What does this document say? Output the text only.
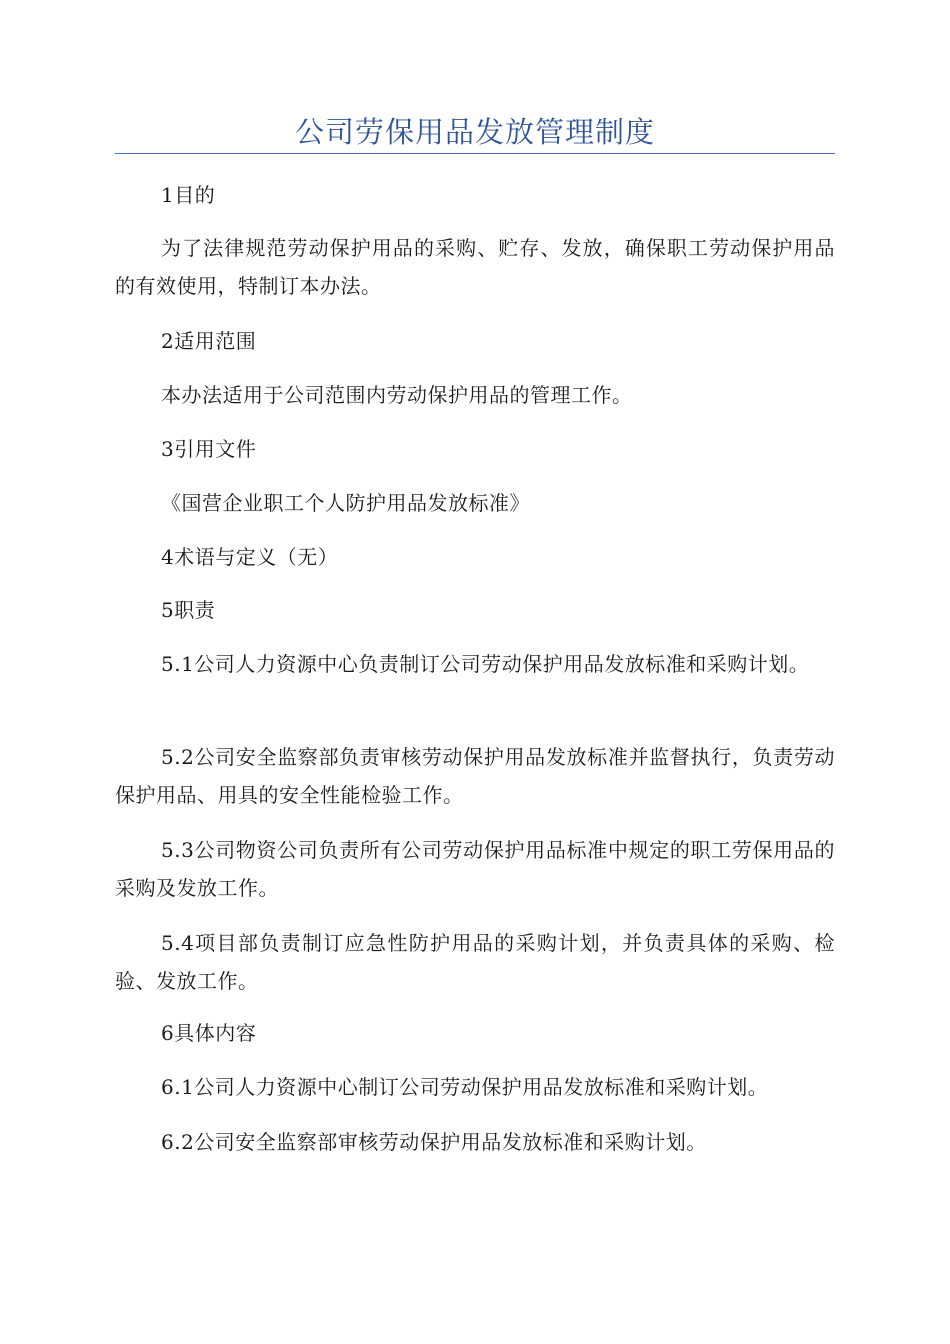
公司劳保用品发放管理制度

1目的

为了法律规范劳动保护用品的采购、贮存、发放，确保职工劳动保护用品的有效使用，特制订本办法。

2适用范围

本办法适用于公司范围内劳动保护用品的管理工作。

3引用文件

《国营企业职工个人防护用品发放标准》

4术语与定义（无）

5职责

5.1公司人力资源中心负责制订公司劳动保护用品发放标准和采购计划。

5.2公司安全监察部负责审核劳动保护用品发放标准并监督执行，负责劳动保护用品、用具的安全性能检验工作。

5.3公司物资公司负责所有公司劳动保护用品标准中规定的职工劳保用品的采购及发放工作。

5.4项目部负责制订应急性防护用品的采购计划，并负责具体的采购、检验、发放工作。

6具体内容

6.1公司人力资源中心制订公司劳动保护用品发放标准和采购计划。

6.2公司安全监察部审核劳动保护用品发放标准和采购计划。
